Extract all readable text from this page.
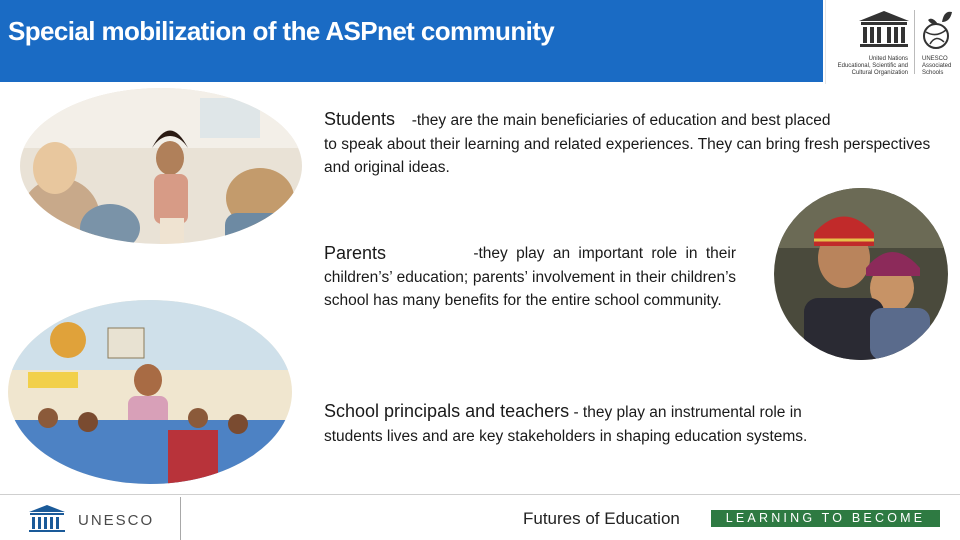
Special mobilization of the ASPnet community
United Nations
Educational, Scientific and
Cultural Organization
UNESCO
Associated
Schools
Students -they are the main beneficiaries of education and best placed
to speak about their learning and related experiences. They can bring fresh perspectives and original ideas.
Parents	-they play an important role in their
children’s’ education; parents’ involvement in their children’s school has many benefits for the entire school community.
School principals and teachers - they play an instrumental role in
students lives and are key stakeholders in shaping education systems.
UNESCO	Futures of Education	LEARNING TO BECOME
